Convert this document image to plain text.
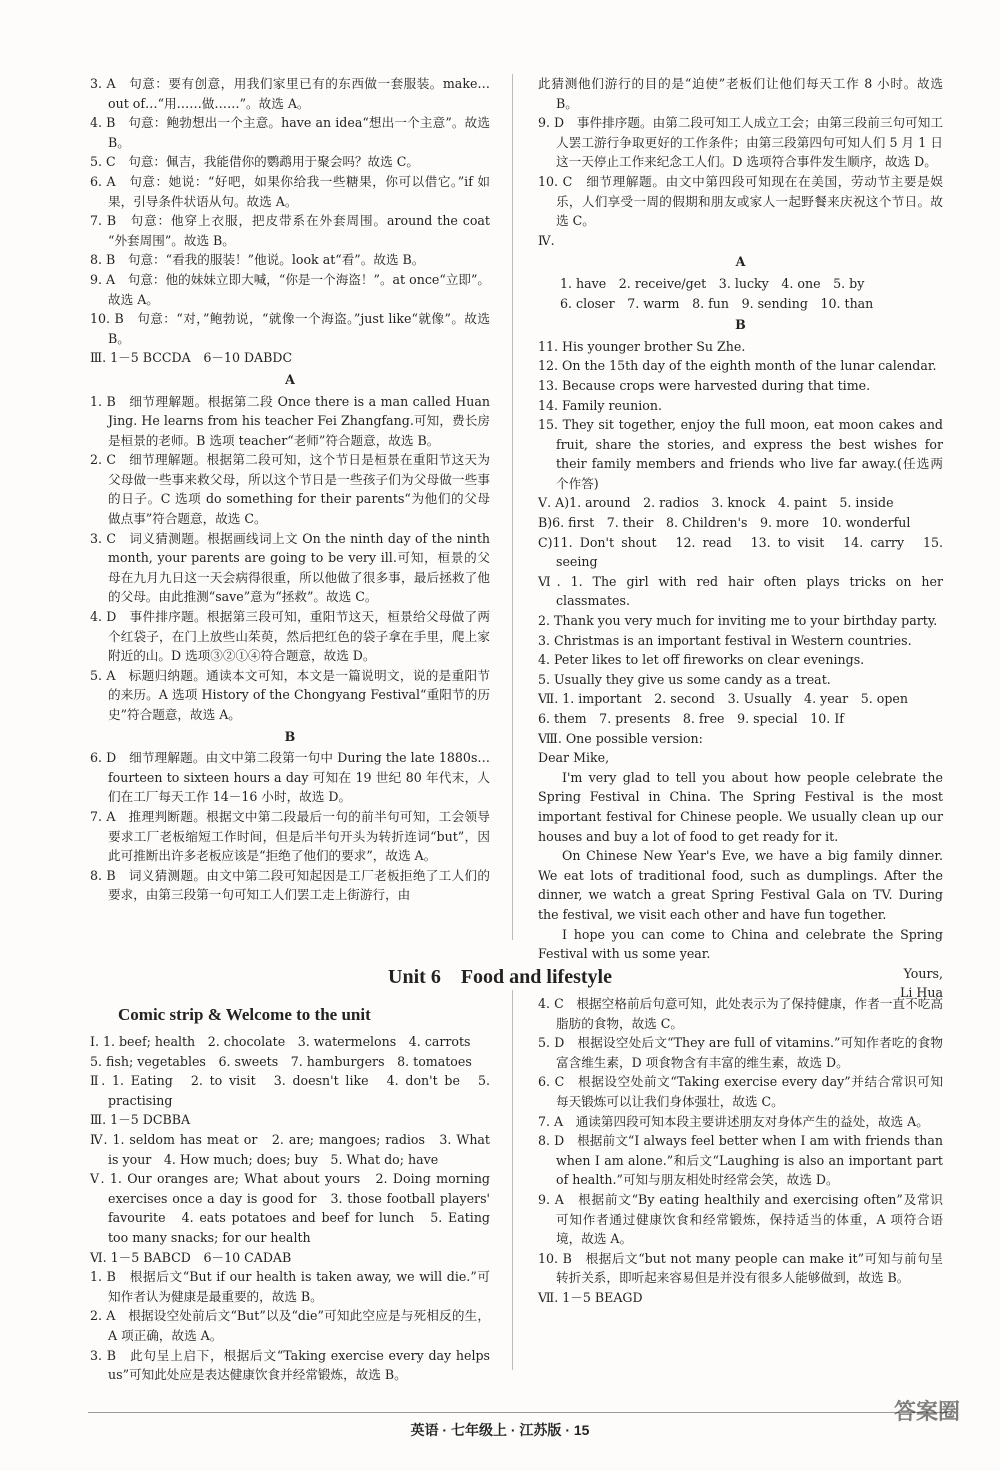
3. A　句意：要有创意，用我们家里已有的东西做一套服装。make…out of…“用……做……”。故选 A。

4. B　句意：鲍勃想出一个主意。have an idea“想出一个主意”。故选 B。

5. C　句意：佩吉，我能借你的鹦鹉用于聚会吗？故选 C。

6. A　句意：她说：“好吧，如果你给我一些糖果，你可以借它。”if 如果，引导条件状语从句。故选 A。

7. B　句意：他穿上衣服，把皮带系在外套周围。around the coat “外套周围”。故选 B。

8. B　句意：“看我的服装！”他说。look at“看”。故选 B。

9. A　句意：他的妹妹立即大喊，“你是一个海盗！”。at once“立即”。故选 A。

10. B　句意：“对，”鲍勃说，“就像一个海盗。”just like“就像”。故选 B。

Ⅲ. 1－5 BCCDA　6－10 DABDC

A

1. B　细节理解题。根据第二段 Once there is a man called Huan Jing. He learns from his teacher Fei Zhangfang.可知，费长房是桓景的老师。B 选项 teacher“老师”符合题意，故选 B。

2. C　细节理解题。根据第二段可知，这个节日是桓景在重阳节这天为父母做一些事来救父母，所以这个节日是一些孩子们为父母做一些事的日子。C 选项 do something for their parents“为他们的父母做点事”符合题意，故选 C。

3. C　词义猜测题。根据画线词上文 On the ninth day of the ninth month, your parents are going to be very ill.可知，桓景的父母在九月九日这一天会病得很重，所以他做了很多事，最后拯救了他的父母。由此推测“save”意为“拯救”。故选 C。

4. D　事件排序题。根据第三段可知，重阳节这天，桓景给父母做了两个红袋子，在门上放些山茱萸，然后把红色的袋子拿在手里，爬上家附近的山。D 选项③②①④符合题意，故选 D。

5. A　标题归纳题。通读本文可知，本文是一篇说明文，说的是重阳节的来历。A 选项 History of the Chongyang Festival“重阳节的历史”符合题意，故选 A。

B

6. D　细节理解题。由文中第二段第一句中 During the late 1880s…fourteen to sixteen hours a day 可知在 19 世纪 80 年代末，人们在工厂每天工作 14－16 小时，故选 D。

7. A　推理判断题。根据文中第二段最后一句的前半句可知，工会领导要求工厂老板缩短工作时间，但是后半句开头为转折连词“but”，因此可推断出许多老板应该是“拒绝了他们的要求”，故选 A。

8. B　词义猜测题。由文中第二段可知起因是工厂老板拒绝了工人们的要求，由第三段第一句可知工人们罢工走上街游行，由

此猜测他们游行的目的是“迫使”老板们让他们每天工作 8 小时。故选 B。

9. D　事件排序题。由第二段可知工人成立工会；由第三段前三句可知工人罢工游行争取更好的工作条件；由第三段第四句可知人们 5 月 1 日这一天停止工作来纪念工人们。D 选项符合事件发生顺序，故选 D。

10. C　细节理解题。由文中第四段可知现在在美国，劳动节主要是娱乐，人们享受一周的假期和朋友或家人一起野餐来庆祝这个节日。故选 C。

Ⅳ.

A

1. have　2. receive/get　3. lucky　4. one　5. by

6. closer　7. warm　8. fun　9. sending　10. than

B

11. His younger brother Su Zhe.

12. On the 15th day of the eighth month of the lunar calendar.

13. Because crops were harvested during that time.

14. Family reunion.

15. They sit together, enjoy the full moon, eat moon cakes and fruit, share the stories, and express the best wishes for their family members and friends who live far away.(任选两个作答)

Ⅴ. A)1. around　2. radios　3. knock　4. paint　5. inside

B)6. first　7. their　8. Children's　9. more　10. wonderful

C)11. Don't shout　12. read　13. to visit　14. carry　15. seeing

Ⅵ. 1. The girl with red hair often plays tricks on her classmates.

2. Thank you very much for inviting me to your birthday party.

3. Christmas is an important festival in Western countries.

4. Peter likes to let off fireworks on clear evenings.

5. Usually they give us some candy as a treat.

Ⅶ. 1. important　2. second　3. Usually　4. year　5. open

6. them　7. presents　8. free　9. special　10. If

Ⅷ. One possible version:

Dear Mike,

I'm very glad to tell you about how people celebrate the Spring Festival in China. The Spring Festival is the most important festival for Chinese people. We usually clean up our houses and buy a lot of food to get ready for it.

On Chinese New Year's Eve, we have a big family dinner. We eat lots of traditional food, such as dumplings. After the dinner, we watch a great Spring Festival Gala on TV. During the festival, we visit each other and have fun together.

I hope you can come to China and celebrate the Spring Festival with us some year.

Yours,

Li Hua

Unit 6　Food and lifestyle
Comic strip & Welcome to the unit

Ⅰ. 1. beef; health　2. chocolate　3. watermelons　4. carrots

5. fish; vegetables　6. sweets　7. hamburgers　8. tomatoes

Ⅱ. 1. Eating　2. to visit　3. doesn't like　4. don't be　5. practising

Ⅲ. 1－5 DCBBA

Ⅳ. 1. seldom has meat or　2. are; mangoes; radios　3. What is your　4. How much; does; buy　5. What do; have

Ⅴ. 1. Our oranges are; What about yours　2. Doing morning exercises once a day is good for　3. those football players' favourite　4. eats potatoes and beef for lunch　5. Eating too many snacks; for our health

Ⅵ. 1－5 BABCD　6－10 CADAB

1. B　根据后文“But if our health is taken away, we will die.”可知作者认为健康是最重要的，故选 B。

2. A　根据设空处前后文“But”以及“die”可知此空应是与死相反的生，A 项正确，故选 A。

3. B　此句呈上启下，根据后文“Taking exercise every day helps us”可知此处应是表达健康饮食并经常锻炼，故选 B。

4. C　根据空格前后句意可知，此处表示为了保持健康，作者一直不吃高脂肪的食物，故选 C。

5. D　根据设空处后文“They are full of vitamins.”可知作者吃的食物富含维生素，D 项食物含有丰富的维生素，故选 D。

6. C　根据设空处前文“Taking exercise every day”并结合常识可知每天锻炼可以让我们身体强壮，故选 C。

7. A　通读第四段可知本段主要讲述朋友对身体产生的益处，故选 A。

8. D　根据前文“I always feel better when I am with friends than when I am alone.”和后文“Laughing is also an important part of health.”可知与朋友相处时经常会笑，故选 D。

9. A　根据前文“By eating healthily and exercising often”及常识可知作者通过健康饮食和经常锻炼，保持适当的体重，A 项符合语境，故选 A。

10. B　根据后文“but not many people can make it”可知与前句呈转折关系，即听起来容易但是并没有很多人能够做到，故选 B。

Ⅶ. 1－5 BEAGD

英语 · 七年级上 · 江苏版 · 15
答案圈
